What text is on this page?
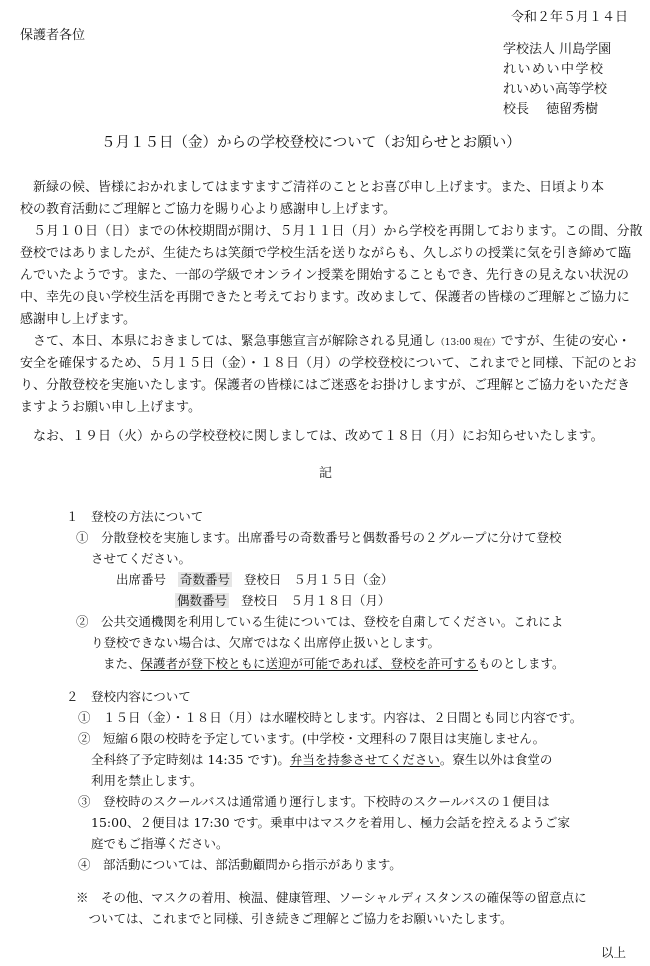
令和２年５月１４日
保護者各位
学校法人 川島学園
れいめい中学校
れいめい高等学校
校長　 徳留秀樹
５月１５日（金）からの学校登校について（お知らせとお願い）
　新緑の候、皆様におかれましてはますますご清祥のこととお喜び申し上げます。また、日頃より本
校の教育活動にご理解とご協力を賜り心より感謝申し上げます。
　５月１０日（日）までの休校期間が開け、５月１１日（月）から学校を再開しております。この間、分散
登校ではありましたが、生徒たちは笑顔で学校生活を送りながらも、久しぶりの授業に気を引き締めて臨
んでいたようです。また、一部の学級でオンライン授業を開始することもでき、先行きの見えない状況の
中、幸先の良い学校生活を再開できたと考えております。改めまして、保護者の皆様のご理解とご協力に
感謝申し上げます。
　さて、本日、本県におきましては、緊急事態宣言が解除される見通し（13:00 現在）ですが、生徒の安心・
安全を確保するため、５月１５日（金）・１８日（月）の学校登校について、これまでと同様、下記のとお
り、分散登校を実施いたします。保護者の皆様にはご迷惑をお掛けしますが、ご理解とご協力をいただき
ますようお願い申し上げます。
　なお、１９日（火）からの学校登校に関しましては、改めて１８日（月）にお知らせいたします。
記
１　登校の方法について
①　分散登校を実施します。出席番号の奇数番号と偶数番号の２グループに分けて登校
させてください。
出席番号 奇数番号 登校日 ５月１５日（金）
偶数番号 登校日 ５月１８日（月）
②　公共交通機関を利用している生徒については、登校を自粛してください。これによ
り登校できない場合は、欠席ではなく出席停止扱いとします。
また、保護者が登下校ともに送迎が可能であれば、登校を許可するものとします。
２　登校内容について
①　１５日（金）・１８日（月）は水曜校時とします。内容は、２日間とも同じ内容です。
②　短縮６限の校時を予定しています。(中学校・文理科の７限目は実施しません。
全科終了予定時刻は 14:35 です)。弁当を持参させてください。寮生以外は食堂の
利用を禁止します。
③　登校時のスクールバスは通常通り運行します。下校時のスクールバスの１便目は
15:00、２便目は 17:30 です。乗車中はマスクを着用し、極力会話を控えるようご家
庭でもご指導ください。
④　部活動については、部活動顧問から指示があります。
※　その他、マスクの着用、検温、健康管理、ソーシャルディスタンスの確保等の留意点に
　ついては、これまでと同様、引き続きご理解とご協力をお願いいたします。
以上
